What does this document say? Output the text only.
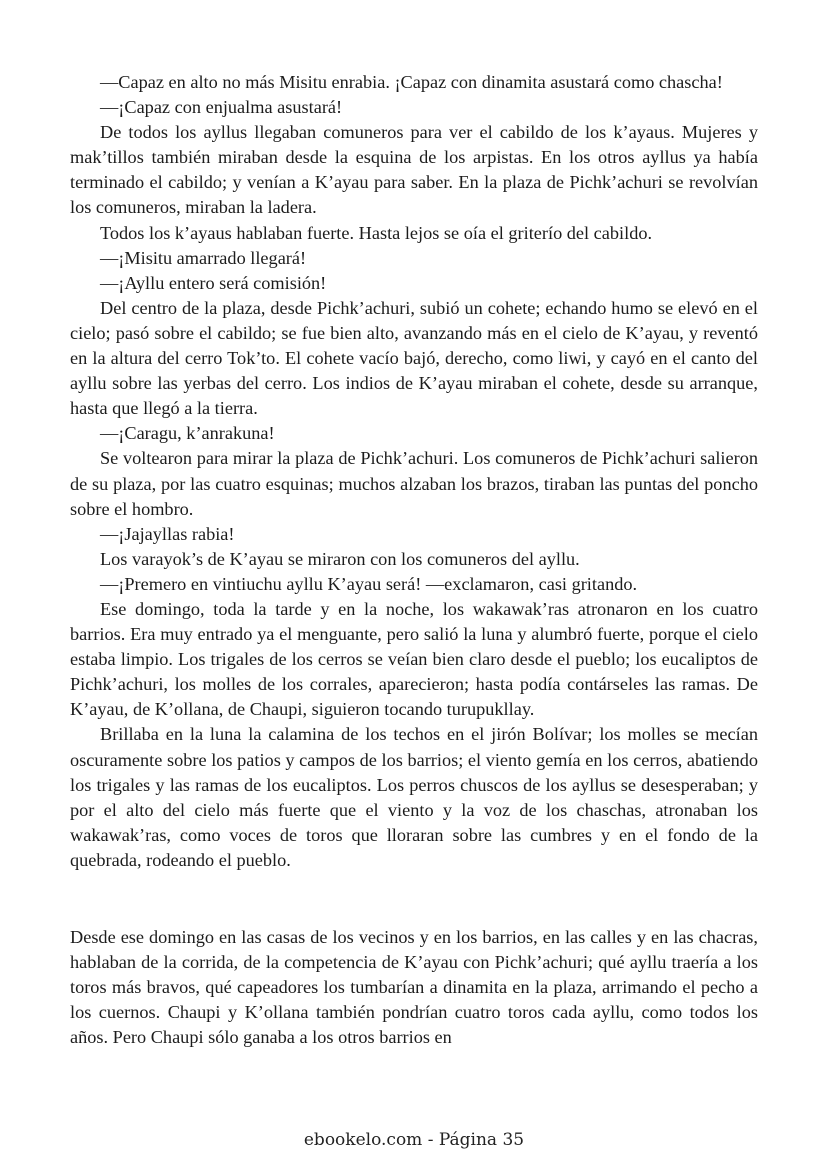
—Capaz en alto no más Misitu enrabia. ¡Capaz con dinamita asustará como chascha!

—¡Capaz con enjualma asustará!

De todos los ayllus llegaban comuneros para ver el cabildo de los k’ayaus. Mujeres y mak’tillos también miraban desde la esquina de los arpistas. En los otros ayllus ya había terminado el cabildo; y venían a K’ayau para saber. En la plaza de Pichk’achuri se revolvían los comuneros, miraban la ladera.

Todos los k’ayaus hablaban fuerte. Hasta lejos se oía el griterío del cabildo.

—¡Misitu amarrado llegará!

—¡Ayllu entero será comisión!

Del centro de la plaza, desde Pichk’achuri, subió un cohete; echando humo se elevó en el cielo; pasó sobre el cabildo; se fue bien alto, avanzando más en el cielo de K’ayau, y reventó en la altura del cerro Tok’to. El cohete vacío bajó, derecho, como liwi, y cayó en el canto del ayllu sobre las yerbas del cerro. Los indios de K’ayau miraban el cohete, desde su arranque, hasta que llegó a la tierra.

—¡Caragu, k’anrakuna!

Se voltearon para mirar la plaza de Pichk’achuri. Los comuneros de Pichk’achuri salieron de su plaza, por las cuatro esquinas; muchos alzaban los brazos, tiraban las puntas del poncho sobre el hombro.

—¡Jajayllas rabia!

Los varayok’s de K’ayau se miraron con los comuneros del ayllu.

—¡Premero en vintiuchu ayllu K’ayau será! —exclamaron, casi gritando.

Ese domingo, toda la tarde y en la noche, los wakawak’ras atronaron en los cuatro barrios. Era muy entrado ya el menguante, pero salió la luna y alumbró fuerte, porque el cielo estaba limpio. Los trigales de los cerros se veían bien claro desde el pueblo; los eucaliptos de Pichk’achuri, los molles de los corrales, aparecieron; hasta podía contárseles las ramas. De K’ayau, de K’ollana, de Chaupi, siguieron tocando turupukllay.

Brillaba en la luna la calamina de los techos en el jirón Bolívar; los molles se mecían oscuramente sobre los patios y campos de los barrios; el viento gemía en los cerros, abatiendo los trigales y las ramas de los eucaliptos. Los perros chuscos de los ayllus se desesperaban; y por el alto del cielo más fuerte que el viento y la voz de los chaschas, atronaban los wakawak’ras, como voces de toros que lloraran sobre las cumbres y en el fondo de la quebrada, rodeando el pueblo.

Desde ese domingo en las casas de los vecinos y en los barrios, en las calles y en las chacras, hablaban de la corrida, de la competencia de K’ayau con Pichk’achuri; qué ayllu traería a los toros más bravos, qué capeadores los tumbarían a dinamita en la plaza, arrimando el pecho a los cuernos. Chaupi y K’ollana también pondrían cuatro toros cada ayllu, como todos los años. Pero Chaupi sólo ganaba a los otros barrios en

ebookelo.com - Página 35
